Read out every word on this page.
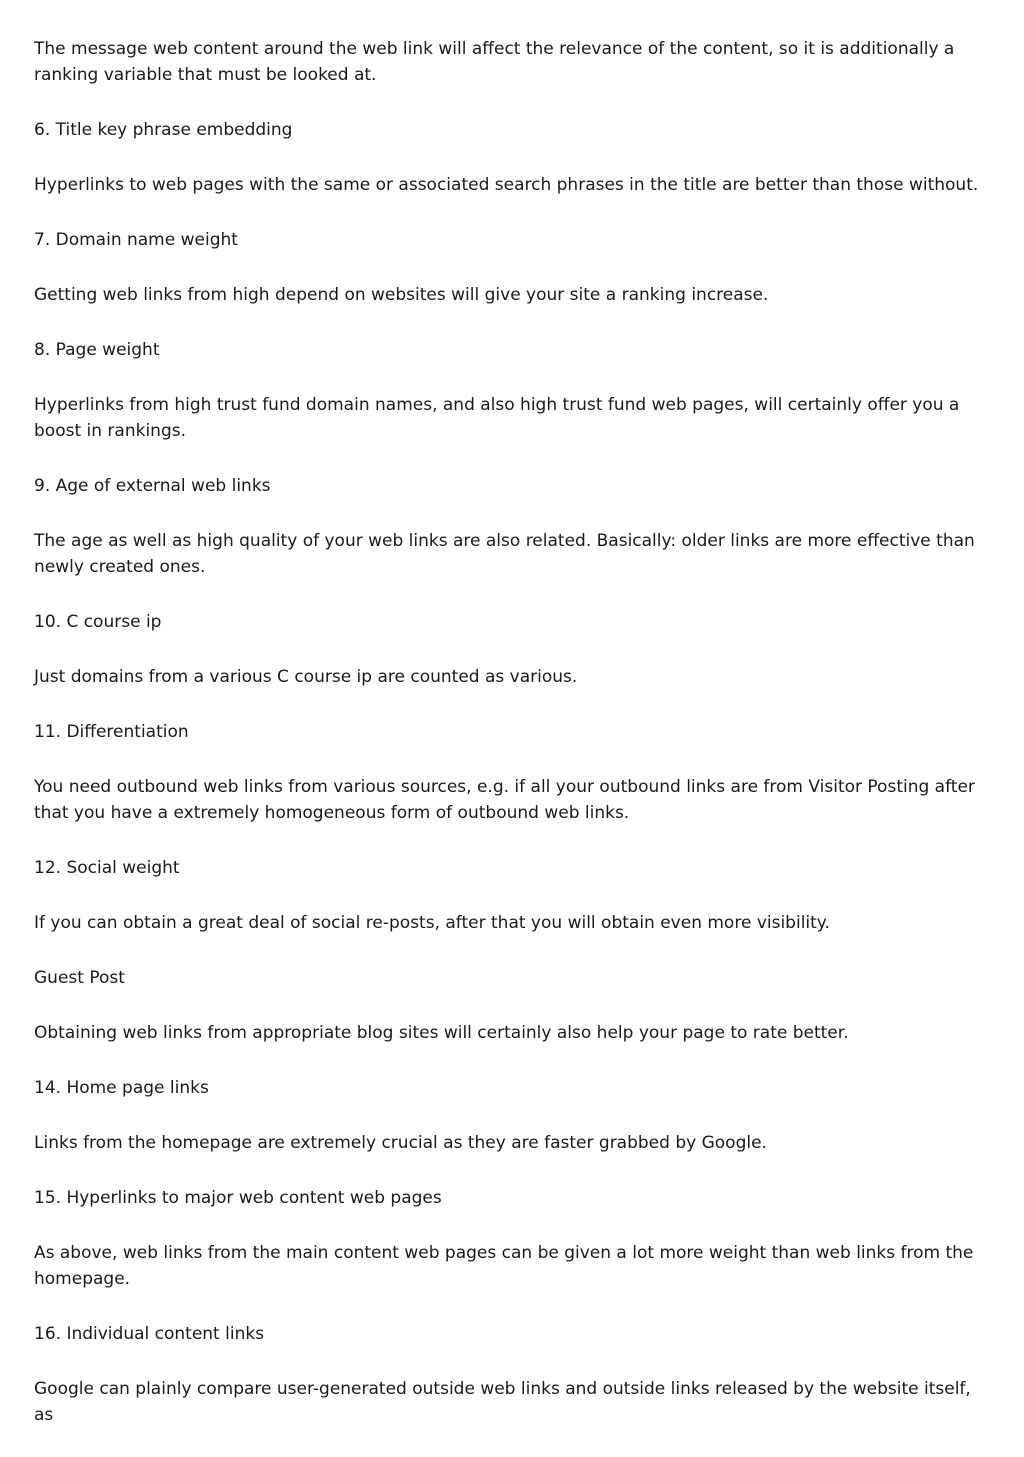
The message web content around the web link will affect the relevance of the content, so it is additionally a ranking variable that must be looked at.

6. Title key phrase embedding

Hyperlinks to web pages with the same or associated search phrases in the title are better than those without.

7. Domain name weight

Getting web links from high depend on websites will give your site a ranking increase.

8. Page weight

Hyperlinks from high trust fund domain names, and also high trust fund web pages, will certainly offer you a boost in rankings.

9. Age of external web links

The age as well as high quality of your web links are also related. Basically: older links are more effective than newly created ones.

10. C course ip

Just domains from a various C course ip are counted as various.

11. Differentiation

You need outbound web links from various sources, e.g. if all your outbound links are from Visitor Posting after that you have a extremely homogeneous form of outbound web links.

12. Social weight

If you can obtain a great deal of social re-posts, after that you will obtain even more visibility.

Guest Post

Obtaining web links from appropriate blog sites will certainly also help your page to rate better.

14. Home page links

Links from the homepage are extremely crucial as they are faster grabbed by Google.

15. Hyperlinks to major web content web pages

As above, web links from the main content web pages can be given a lot more weight than web links from the homepage.

16. Individual content links

Google can plainly compare user-generated outside web links and outside links released by the website itself, as
